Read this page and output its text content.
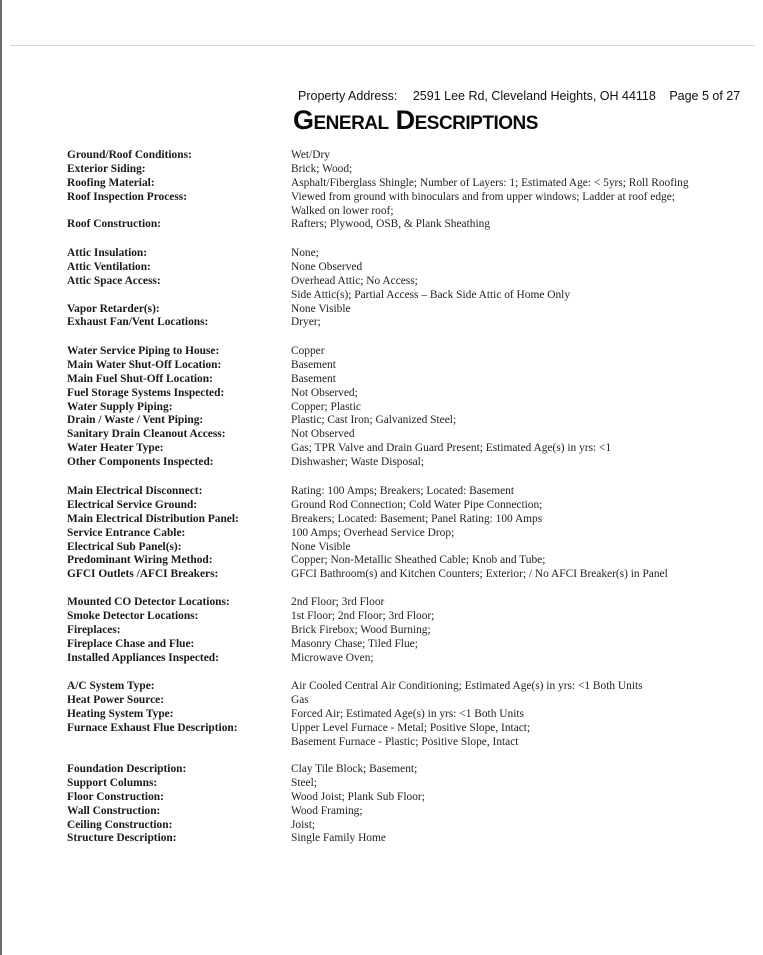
Property Address: 2591 Lee Rd, Cleveland Heights, OH 44118 Page 5 of 27
General Descriptions
Ground/Roof Conditions:	Wet/Dry
Exterior Siding:	Brick; Wood;
Roofing Material:	Asphalt/Fiberglass Shingle; Number of Layers: 1; Estimated Age: < 5yrs; Roll Roofing
Roof Inspection Process:	Viewed from ground with binoculars and from upper windows; Ladder at roof edge;
Walked on lower roof;
Roof Construction:	Rafters; Plywood, OSB, & Plank Sheathing
Attic Insulation:	None;
Attic Ventilation:	None Observed
Attic Space Access:	Overhead Attic; No Access;
Side Attic(s); Partial Access – Back Side Attic of Home Only
Vapor Retarder(s):	None Visible
Exhaust Fan/Vent Locations:	Dryer;
Water Service Piping to House:	Copper
Main Water Shut-Off Location:	Basement
Main Fuel Shut-Off Location:	Basement
Fuel Storage Systems Inspected:	Not Observed;
Water Supply Piping:	Copper; Plastic
Drain / Waste / Vent Piping:	Plastic; Cast Iron; Galvanized Steel;
Sanitary Drain Cleanout Access:	Not Observed
Water Heater Type:	Gas; TPR Valve and Drain Guard Present; Estimated Age(s) in yrs: <1
Other Components Inspected:	Dishwasher; Waste Disposal;
Main Electrical Disconnect:	Rating: 100 Amps; Breakers; Located: Basement
Electrical Service Ground:	Ground Rod Connection; Cold Water Pipe Connection;
Main Electrical Distribution Panel:	Breakers; Located: Basement; Panel Rating: 100 Amps
Service Entrance Cable:	100 Amps; Overhead Service Drop;
Electrical Sub Panel(s):	None Visible
Predominant Wiring Method:	Copper; Non-Metallic Sheathed Cable; Knob and Tube;
GFCI Outlets /AFCI Breakers:	GFCI Bathroom(s) and Kitchen Counters; Exterior; / No AFCI Breaker(s) in Panel
Mounted CO Detector Locations:	2nd Floor; 3rd Floor
Smoke Detector Locations:	1st Floor; 2nd Floor; 3rd Floor;
Fireplaces:	Brick Firebox; Wood Burning;
Fireplace Chase and Flue:	Masonry Chase; Tiled Flue;
Installed Appliances Inspected:	Microwave Oven;
A/C System Type:	Air Cooled Central Air Conditioning; Estimated Age(s) in yrs: <1 Both Units
Heat Power Source:	Gas
Heating System Type:	Forced Air; Estimated Age(s) in yrs: <1 Both Units
Furnace Exhaust Flue Description:	Upper Level Furnace - Metal; Positive Slope, Intact;
Basement Furnace - Plastic; Positive Slope, Intact
Foundation Description:	Clay Tile Block; Basement;
Support Columns:	Steel;
Floor Construction:	Wood Joist; Plank Sub Floor;
Wall Construction:	Wood Framing;
Ceiling Construction:	Joist;
Structure Description:	Single Family Home
